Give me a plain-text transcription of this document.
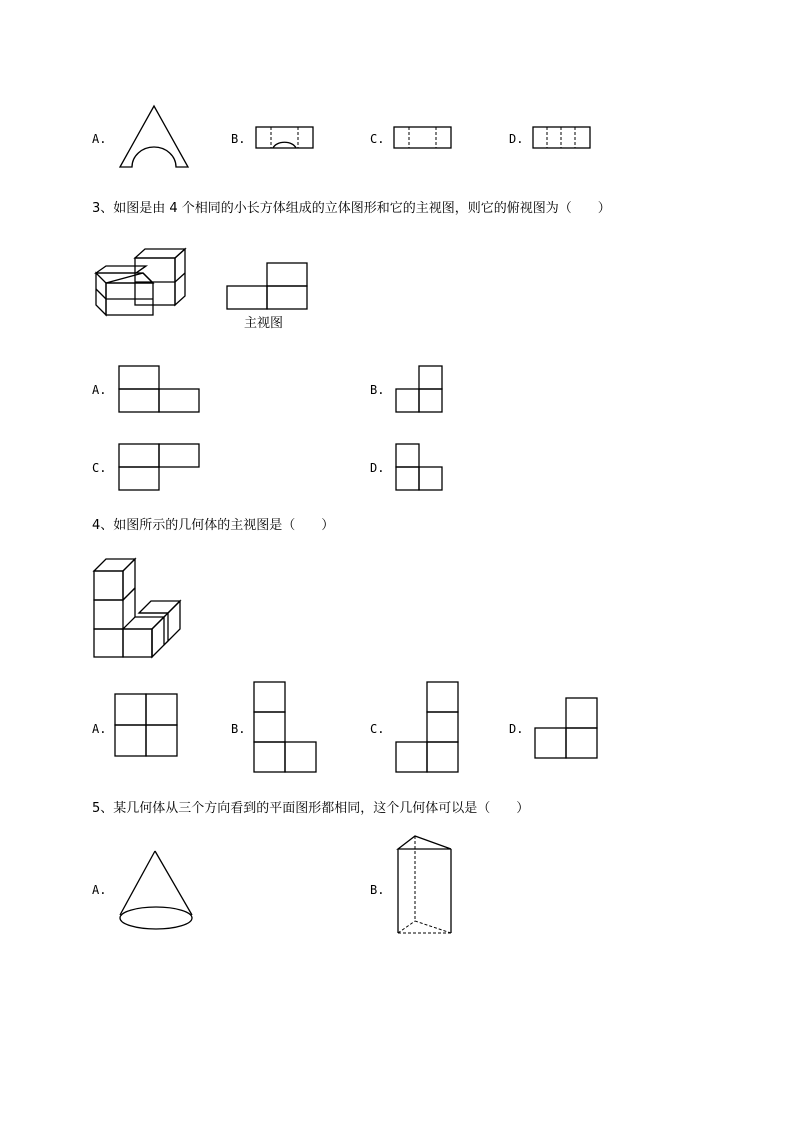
A.	B.	C.	D.
3、如图是由 4 个相同的小长方体组成的立体图形和它的主视图，则它的俯视图为（　　）
主视图
A.	B.
C.	D.
4、如图所示的几何体的主视图是（　　）
A.	B.	C.	D.
5、某几何体从三个方向看到的平面图形都相同，这个几何体可以是（　　）
A.	B.
